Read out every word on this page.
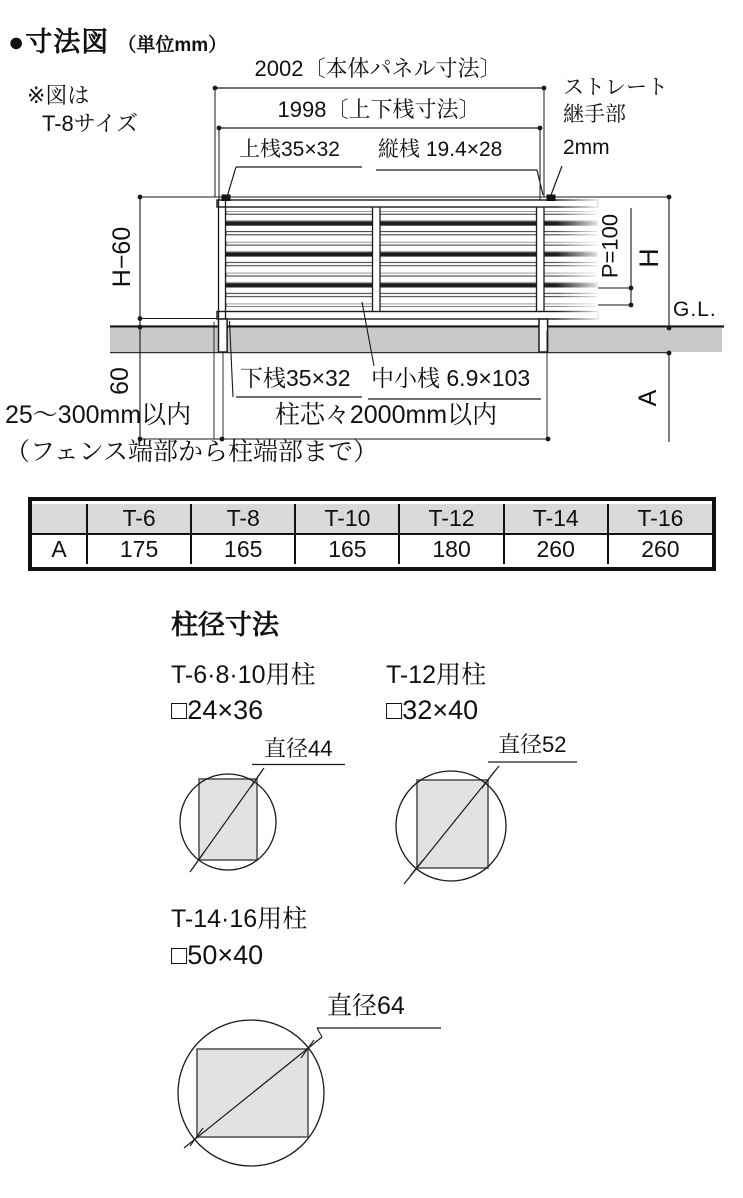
●寸法図 （単位mm）
※図は
T-8サイズ
2002〔本体パネル寸法〕
1998〔上下桟寸法〕
上桟35×32 縦桟 19.4×28
ストレート
継手部
2mm
H−60
60
P=100 H
G.L.
A
下桟35×32 中小桟 6.9×103
柱芯々2000mm以内
25〜300mm以内
（フェンス端部から柱端部まで）
	T-6	T-8	T-10	T-12	T-14	T-16
A	175	165	165	180	260	260
柱径寸法
T-6·8·10用柱
□24×36
T-12用柱
□32×40
直径44	直径52
T-14·16用柱
□50×40
直径64
